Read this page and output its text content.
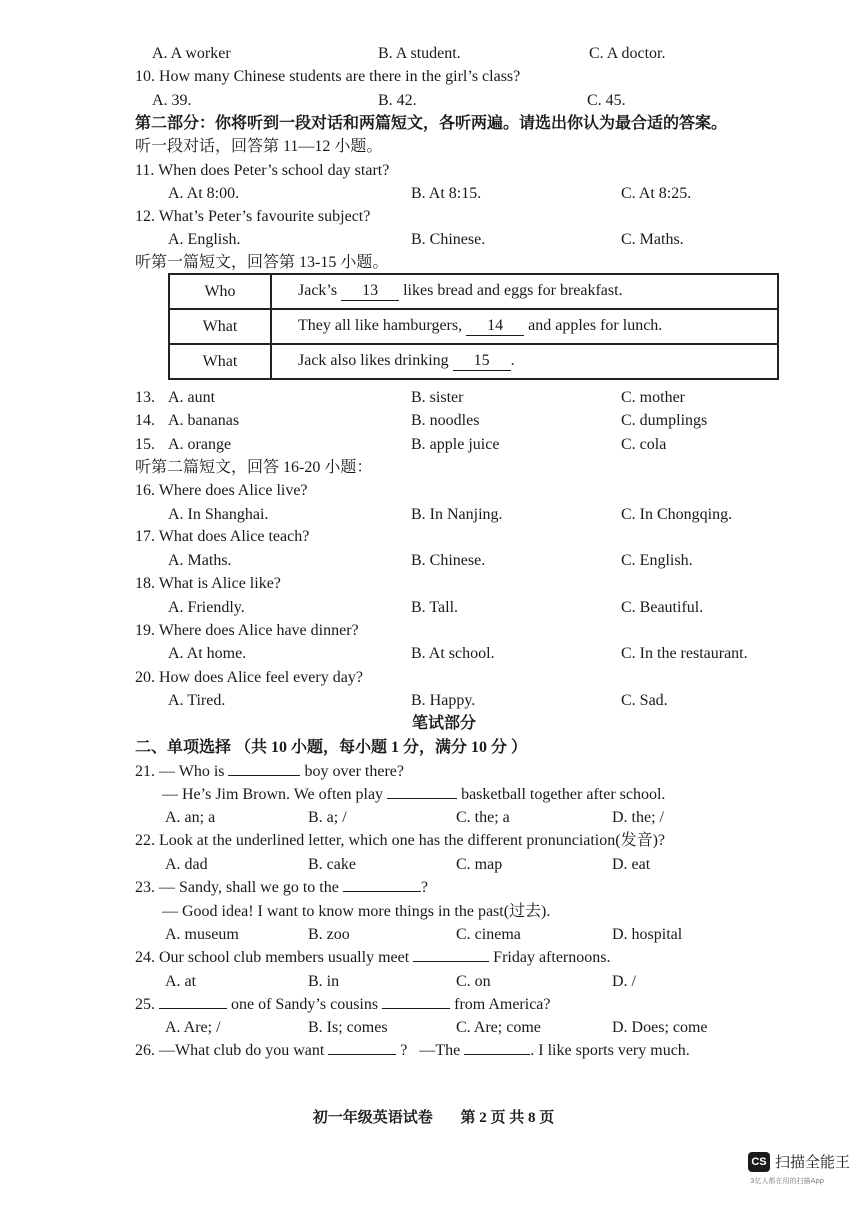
A. A worker	B. A student.	C. A doctor.
10. How many Chinese students are there in the girl’s class?
A. 39.	B. 42.	C. 45.
第二部分：你将听到一段对话和两篇短文，各听两遍。请选出你认为最合适的答案。
听一段对话，回答第 11—12 小题。
11. When does Peter’s school day start?
A. At 8:00.	B. At 8:15.	C. At 8:25.
12. What’s Peter’s favourite subject?
A. English.	B. Chinese.	C. Maths.
听第一篇短文，回答第 13-15 小题。
Who	Jack’s 13 likes bread and eggs for breakfast.
What	They all like hamburgers, 14 and apples for lunch.
What	Jack also likes drinking 15 .
13. A. aunt	B. sister	C. mother
14. A. bananas	B. noodles	C. dumplings
15. A. orange	B. apple juice	C. cola
听第二篇短文，回答 16-20 小题：
16. Where does Alice live?
A. In Shanghai.	B. In Nanjing.	C. In Chongqing.
17. What does Alice teach?
A. Maths.	B. Chinese.	C. English.
18. What is Alice like?
A. Friendly.	B. Tall.	C. Beautiful.
19. Where does Alice have dinner?
A. At home.	B. At school.	C. In the restaurant.
20. How does Alice feel every day?
A. Tired.	B. Happy.	C. Sad.
笔试部分
二、单项选择 （共 10 小题，每小题 1 分，满分 10 分 ）
21. — Who is	boy over there?
— He’s Jim Brown. We often play	basketball together after school.
A. an; a	B. a; /	C. the; a	D. the; /
22. Look at the underlined letter, which one has the different pronunciation(发音)?
A. dad	B. cake	C. map	D. eat
23. — Sandy, shall we go to the	?
— Good idea! I want to know more things in the past(过去).
A. museum	B. zoo	C. cinema	D. hospital
24. Our school club members usually meet	Friday afternoons.
A. at	B. in	C. on	D. /
25.	one of Sandy’s cousins	from America?
A. Are; /	B. Is; comes	C. Are; come	D. Does; come
26. —What club do you want	? —The	. I like sports very much.
初一年级英语试卷 第 2 页 共 8 页
CS 扫描全能王
3亿人都在用的扫描App
